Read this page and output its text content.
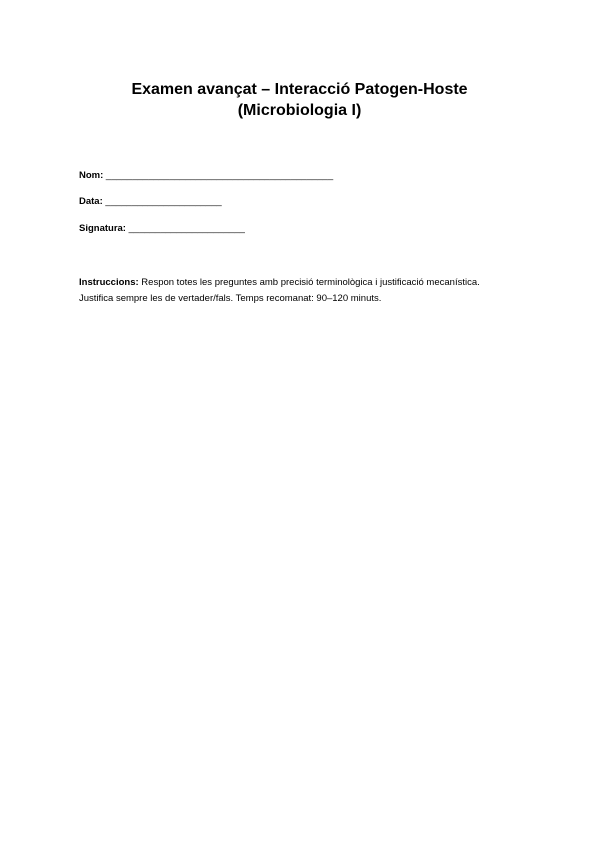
Examen avançat – Interacció Patogen-Hoste
(Microbiologia I)
Nom: ___________________________________________
Data: ______________________
Signatura: ______________________
Instruccions: Respon totes les preguntes amb precisió terminològica i justificació mecanística.
Justifica sempre les de vertader/fals. Temps recomanat: 90–120 minuts.
